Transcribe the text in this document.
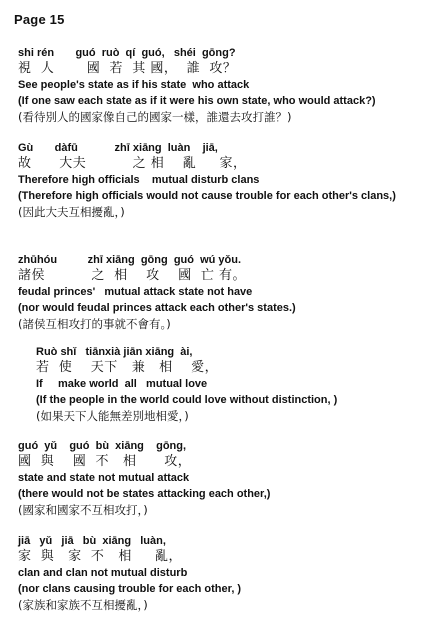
Page 15
shi rén       guó  ruò  qí  guó,   shéi  gōng?
視  人       國  若  其 國，  誰  攻？
See people's state as if his state  who attack
(If one saw each state as if it were his own state, who would attack?)
(看待別人的國家像自己的國家一樣，誰還去攻打誰？)
Gù       dàfū            zhī xiāng  luàn    jiā,
故      大夫          之 相    亂     家，
Therefore high officials    mutual disturb clans
(Therefore high officials would not cause trouble for each other's clans,)
(因此大夫互相擾亂，)
zhūhóu          zhī xiāng  gōng  guó  wú yǒu.
諸侯          之  相    攻    國  亡 有。
feudal princes'   mutual attack state not have
(nor would feudal princes attack each other's states.)
(諸侯互相攻打的事就不會有。)
Ruò shǐ   tiānxià jiān xiāng  ài,
若  使    天下   兼   相    愛，
If     make world  all   mutual love
(If the people in the world could love without distinction, )
(如果天下人能無差別地相愛，)
guó  yǔ    guó  bù  xiāng    gōng,
國  與    國  不   相      攻，
state and state not mutual attack
(there would not be states attacking each other,)
(國家和國家不互相攻打，)
jiā   yǔ   jiā   bù  xiāng   luàn,
家  與   家  不   相     亂，
clan and clan not mutual disturb
(nor clans causing trouble for each other, )
(家族和家族不互相擾亂，)
